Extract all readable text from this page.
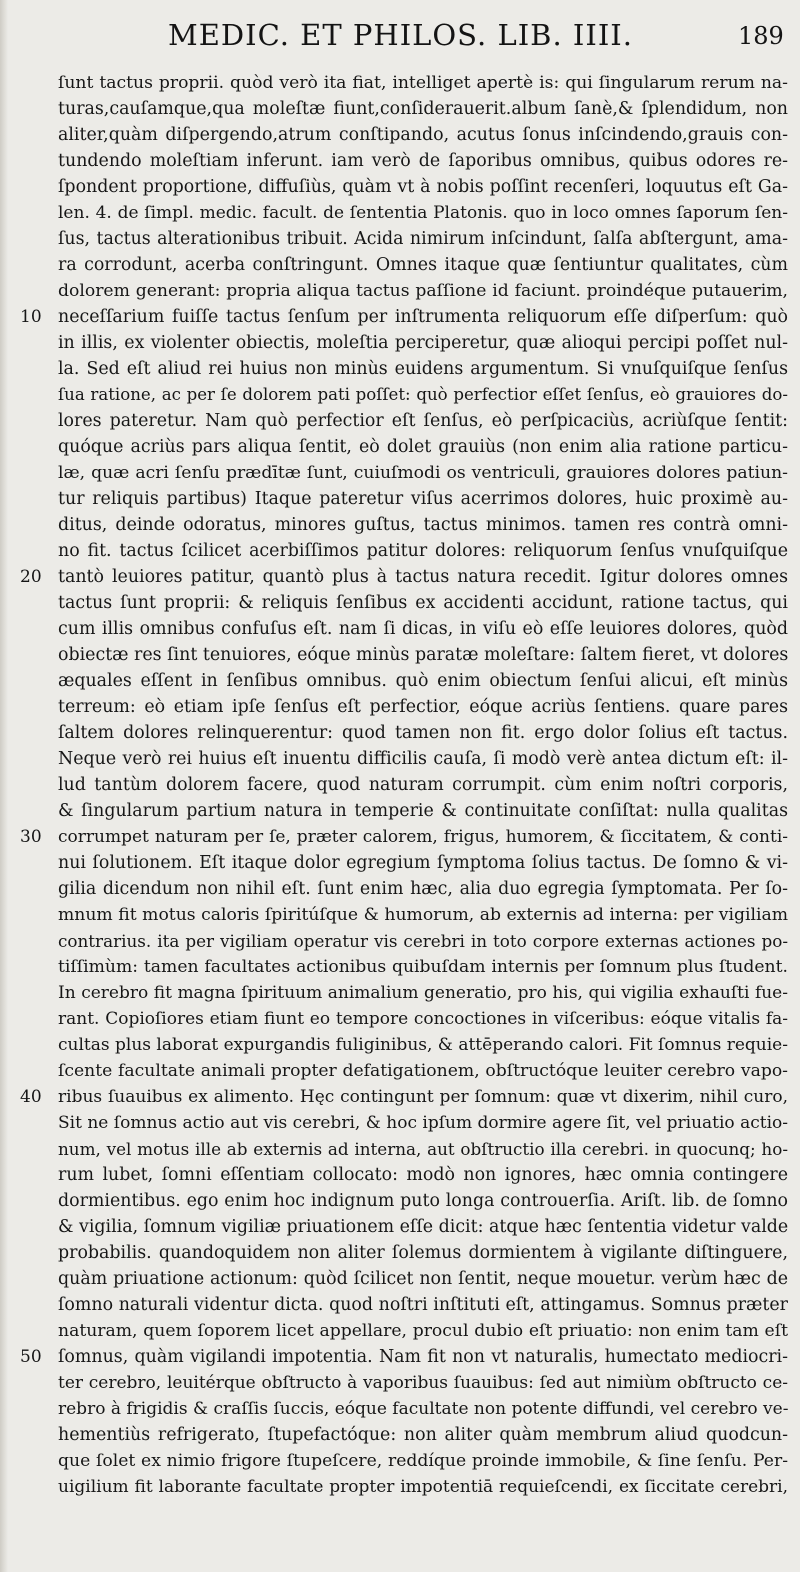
MEDIC. ET PHILOS. LIB. IIII.	189
ſunt tactus proprii. quòd verò ita fiat, intelliget apertè is: qui ſingularum rerum na-
turas,cauſamque,qua moleſtæ fiunt,conſiderauerit.album ſanè,& ſplendidum, non
aliter,quàm diſpergendo,atrum conſtipando, acutus ſonus inſcindendo,grauis con-
tundendo moleſtiam inferunt. iam verò de ſaporibus omnibus, quibus odores re-
ſpondent proportione, diffuſiùs, quàm vt à nobis poſſint recenſeri, loquutus eſt Ga-
len. 4. de ſimpl. medic. facult. de ſententia Platonis. quo in loco omnes ſaporum ſen-
ſus, tactus alterationibus tribuit. Acida nimirum inſcindunt, ſalſa abſtergunt, ama-
ra corrodunt, acerba conſtringunt. Omnes itaque quæ ſentiuntur qualitates, cùm
dolorem generant: propria aliqua tactus paſſione id faciunt. proindéque putauerim,
10 neceſſarium fuiſſe tactus ſenſum per inſtrumenta reliquorum eſſe diſperſum: quò
in illis, ex violenter obiectis, moleſtia perciperetur, quæ alioqui percipi poſſet nul-
la. Sed eſt aliud rei huius non minùs euidens argumentum. Si vnuſquiſque ſenſus
ſua ratione, ac per ſe dolorem pati poſſet: quò perfectior eſſet ſenſus, eò grauiores do-
lores pateretur. Nam quò perfectior eſt ſenſus, eò perſpicaciùs, acriùſque ſentit:
quóque acriùs pars aliqua ſentit, eò dolet grauiùs (non enim alia ratione particu-
læ, quæ acri ſenſu prædītæ ſunt, cuiuſmodi os ventriculi, grauiores dolores patiun-
tur reliquis partibus) Itaque pateretur viſus acerrimos dolores, huic proximè au-
ditus, deinde odoratus, minores guſtus, tactus minimos. tamen res contrà omni-
no fit. tactus ſcilicet acerbiſſimos patitur dolores: reliquorum ſenſus vnuſquiſque
20 tantò leuiores patitur, quantò plus à tactus natura recedit. Igitur dolores omnes
tactus ſunt proprii: & reliquis ſenſibus ex accidenti accidunt, ratione tactus, qui
cum illis omnibus confuſus eſt. nam ſi dicas, in viſu eò eſſe leuiores dolores, quòd
obiectæ res ſint tenuiores, eóque minùs paratæ moleſtare: ſaltem fieret, vt dolores
æquales eſſent in ſenſibus omnibus. quò enim obiectum ſenſui alicui, eſt minùs
terreum: eò etiam ipſe ſenſus eſt perfectior, eóque acriùs ſentiens. quare pares
ſaltem dolores relinquerentur: quod tamen non fit. ergo dolor ſolius eſt tactus.
Neque verò rei huius eſt inuentu difficilis cauſa, ſi modò verè antea dictum eſt: il-
lud tantùm dolorem facere, quod naturam corrumpit. cùm enim noſtri corporis,
& ſingularum partium natura in temperie & continuitate conſiſtat: nulla qualitas
30 corrumpet naturam per ſe, præter calorem, frigus, humorem, & ſiccitatem, & conti-
nui ſolutionem. Eſt itaque dolor egregium ſymptoma ſolius tactus. De ſomno & vi-
gilia dicendum non nihil eſt. ſunt enim hæc, alia duo egregia ſymptomata. Per ſo-
mnum fit motus caloris ſpiritúſque & humorum, ab externis ad interna: per vigiliam
contrarius. ita per vigiliam operatur vis cerebri in toto corpore externas actiones po-
tiſſimùm: tamen facultates actionibus quibuſdam internis per ſomnum plus ſtudent.
In cerebro fit magna ſpirituum animalium generatio, pro his, qui vigilia exhauſti fue-
rant. Copioſiores etiam fiunt eo tempore concoctiones in viſceribus: eóque vitalis fa-
cultas plus laborat expurgandis fuliginibus, & attēperando calori. Fit ſomnus requie-
ſcente facultate animali propter defatigationem, obſtructóque leuiter cerebro vapo-
40 ribus ſuauibus ex alimento. Hęc contingunt per ſomnum: quæ vt dixerim, nihil curo,
Sit ne ſomnus actio aut vis cerebri, & hoc ipſum dormire agere ſit, vel priuatio actio-
num, vel motus ille ab externis ad interna, aut obſtructio illa cerebri. in quocunq; ho-
rum lubet, ſomni eſſentiam collocato: modò non ignores, hæc omnia contingere
dormientibus. ego enim hoc indignum puto longa controuerſia. Ariſt. lib. de ſomno
& vigilia, ſomnum vigiliæ priuationem eſſe dicit: atque hæc ſententia videtur valde
probabilis. quandoquidem non aliter ſolemus dormientem à vigilante diſtinguere,
quàm priuatione actionum: quòd ſcilicet non ſentit, neque mouetur. verùm hæc de
ſomno naturali videntur dicta. quod noſtri inſtituti eſt, attingamus. Somnus præter
naturam, quem ſoporem licet appellare, procul dubio eſt priuatio: non enim tam eſt
50 ſomnus, quàm vigilandi impotentia. Nam fit non vt naturalis, humectato mediocri-
ter cerebro, leuitérque obſtructo à vaporibus ſuauibus: ſed aut nimiùm obſtructo ce-
rebro à frigidis & craſſis ſuccis, eóque facultate non potente diffundi, vel cerebro ve-
hementiùs refrigerato, ſtupefactóque: non aliter quàm membrum aliud quodcun-
que ſolet ex nimio frigore ſtupeſcere, reddíque proinde immobile, & ſine ſenſu. Per-
uigilium fit laborante facultate propter impotentiā requieſcendi, ex ſiccitate cerebri,
